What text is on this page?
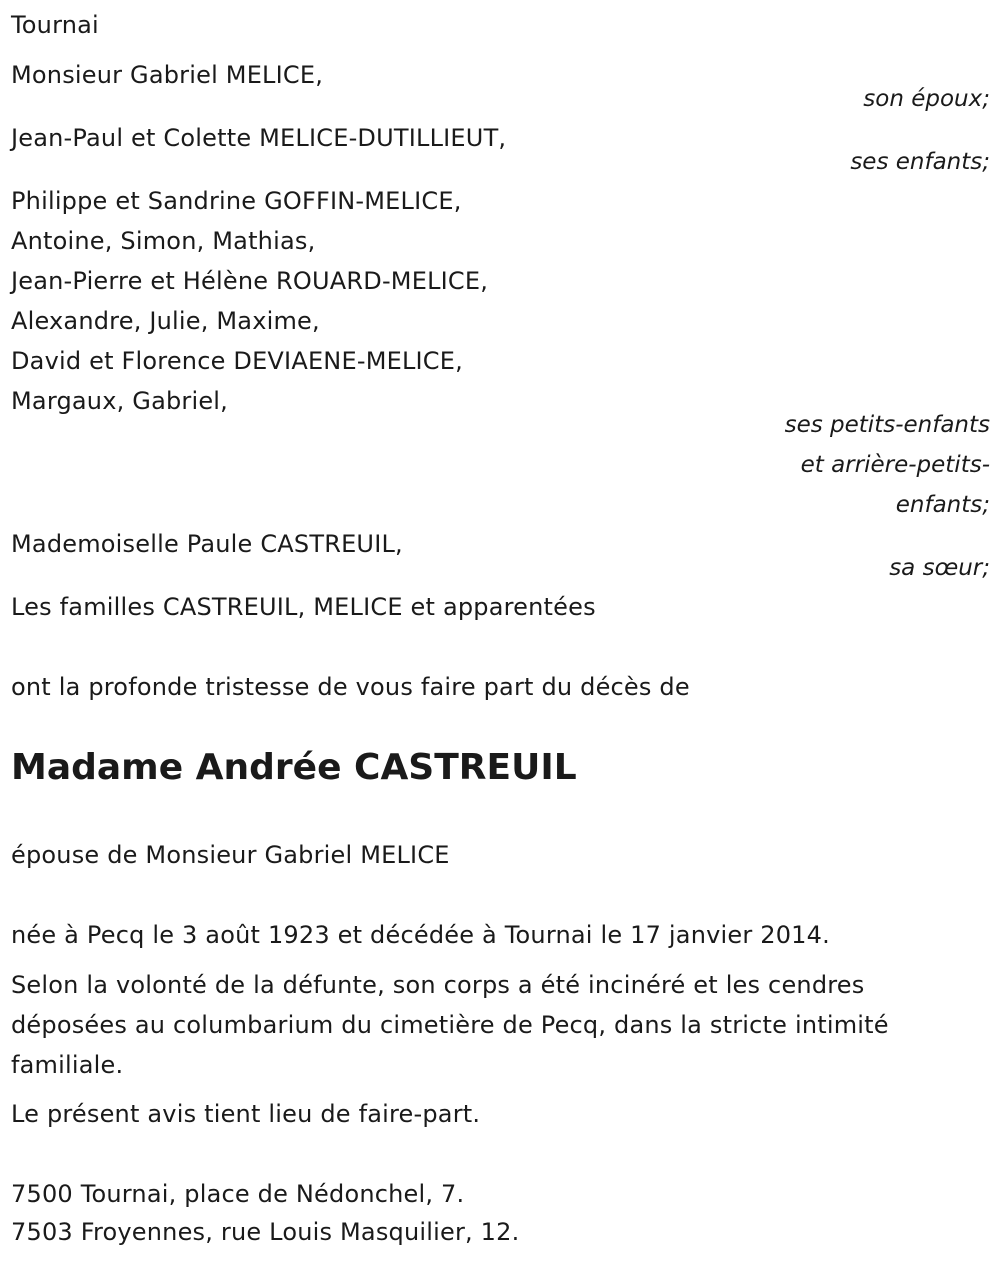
Tournai
Monsieur Gabriel MELICE,
son époux;
Jean-Paul et Colette MELICE-DUTILLIEUT,
ses enfants;
Philippe et Sandrine GOFFIN-MELICE,
Antoine, Simon, Mathias,
Jean-Pierre et Hélène ROUARD-MELICE,
Alexandre, Julie, Maxime,
David et Florence DEVIAENE-MELICE,
Margaux, Gabriel,
ses petits-enfants
et arrière-petits-
enfants;
Mademoiselle Paule CASTREUIL,
sa sœur;
Les familles CASTREUIL, MELICE et apparentées
ont la profonde tristesse de vous faire part du décès de
Madame Andrée CASTREUIL
épouse de Monsieur Gabriel MELICE
née à Pecq le 3 août 1923 et décédée à Tournai le 17 janvier 2014.
Selon la volonté de la défunte, son corps a été incinéré et les cendres déposées au columbarium du cimetière de Pecq, dans la stricte intimité familiale.
Le présent avis tient lieu de faire-part.
7500 Tournai, place de Nédonchel, 7.
7503 Froyennes, rue Louis Masquilier, 12.
